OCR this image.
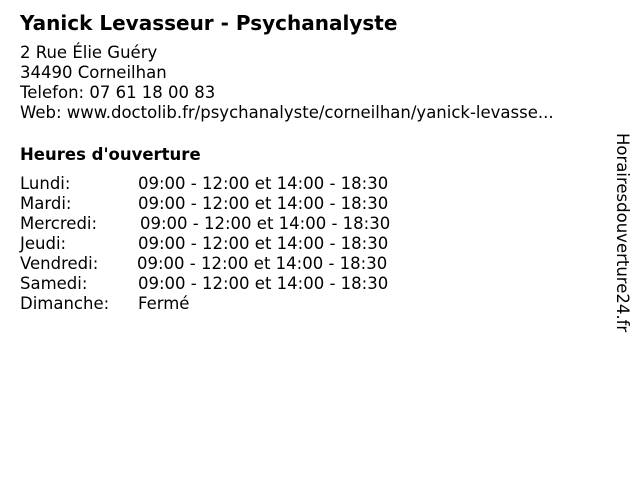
Yanick Levasseur - Psychanalyste
2 Rue Élie Guéry
34490 Corneilhan
Telefon: 07 61 18 00 83
Web: www.doctolib.fr/psychanalyste/corneilhan/yanick-levasse...
Heures d'ouverture
Lundi:	09:00 - 12:00 et 14:00 - 18:30
Mardi:	09:00 - 12:00 et 14:00 - 18:30
Mercredi:	09:00 - 12:00 et 14:00 - 18:30
Jeudi:	09:00 - 12:00 et 14:00 - 18:30
Vendredi: 09:00 - 12:00 et 14:00 - 18:30
Samedi:	09:00 - 12:00 et 14:00 - 18:30
Dimanche: Fermé	Horairesdouverture24.fr
